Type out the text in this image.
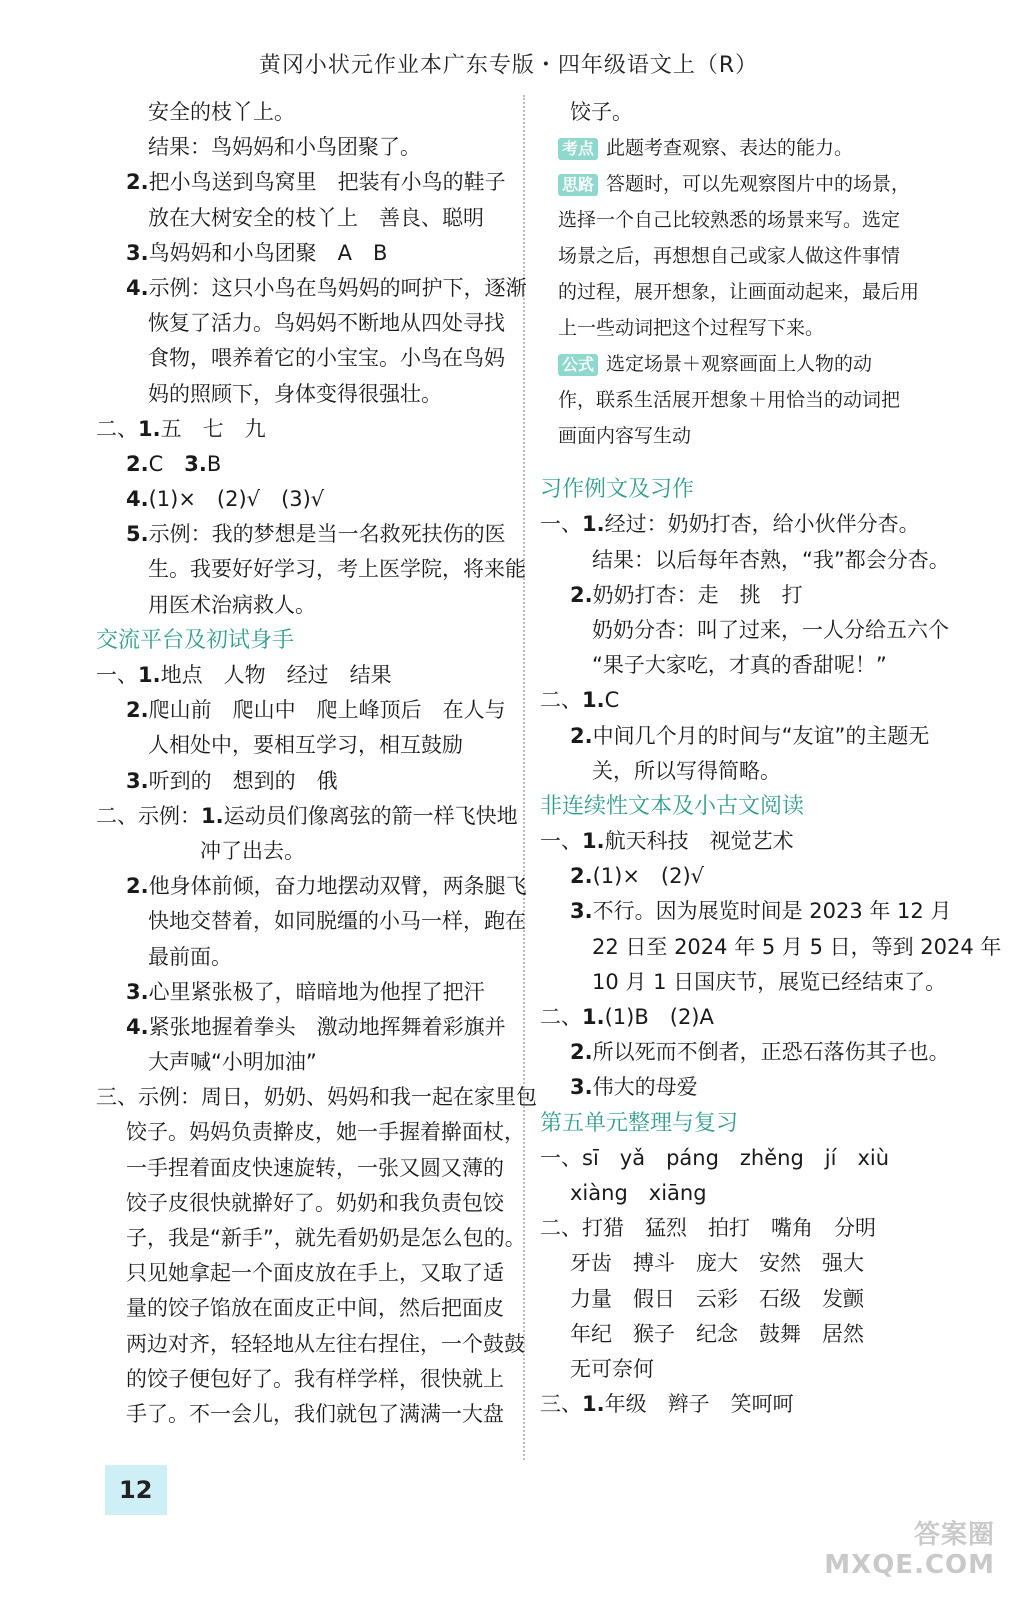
黄冈小状元作业本广东专版・四年级语文上（R）
安全的枝丫上。
结果：鸟妈妈和小鸟团聚了。
2.把小鸟送到鸟窝里　把装有小鸟的鞋子
放在大树安全的枝丫上　善良、聪明
3.鸟妈妈和小鸟团聚　A　B
4.示例：这只小鸟在鸟妈妈的呵护下，逐渐
恢复了活力。鸟妈妈不断地从四处寻找
食物，喂养着它的小宝宝。小鸟在鸟妈
妈的照顾下，身体变得很强壮。
二、1.五　七　九
2.C　3.B
4.(1)×　(2)√　(3)√
5.示例：我的梦想是当一名救死扶伤的医
生。我要好好学习，考上医学院，将来能
用医术治病救人。
交流平台及初试身手
一、1.地点　人物　经过　结果
2.爬山前　爬山中　爬上峰顶后　在人与
人相处中，要相互学习，相互鼓励
3.听到的　想到的　俄
二、示例：1.运动员们像离弦的箭一样飞快地
冲了出去。
2.他身体前倾，奋力地摆动双臂，两条腿飞
快地交替着，如同脱缰的小马一样，跑在
最前面。
3.心里紧张极了，暗暗地为他捏了把汗
4.紧张地握着拳头　激动地挥舞着彩旗并
大声喊“小明加油”
三、示例：周日，奶奶、妈妈和我一起在家里包
饺子。妈妈负责擀皮，她一手握着擀面杖，
一手捏着面皮快速旋转，一张又圆又薄的
饺子皮很快就擀好了。奶奶和我负责包饺
子，我是“新手”，就先看奶奶是怎么包的。
只见她拿起一个面皮放在手上，又取了适
量的饺子馅放在面皮正中间，然后把面皮
两边对齐，轻轻地从左往右捏住，一个鼓鼓
的饺子便包好了。我有样学样，很快就上
手了。不一会儿，我们就包了满满一大盘
饺子。
考点 此题考查观察、表达的能力。
思路 答题时，可以先观察图片中的场景，
选择一个自己比较熟悉的场景来写。选定
场景之后，再想想自己或家人做这件事情
的过程，展开想象，让画面动起来，最后用
上一些动词把这个过程写下来。
公式 选定场景＋观察画面上人物的动
作，联系生活展开想象＋用恰当的动词把
画面内容写生动
习作例文及习作
一、1.经过：奶奶打杏，给小伙伴分杏。
结果：以后每年杏熟，“我”都会分杏。
2.奶奶打杏：走　挑　打
奶奶分杏：叫了过来，一人分给五六个
“果子大家吃，才真的香甜呢！”
二、1.C
2.中间几个月的时间与“友谊”的主题无
关，所以写得简略。
非连续性文本及小古文阅读
一、1.航天科技　视觉艺术
2.(1)×　(2)√
3.不行。因为展览时间是 2023 年 12 月
22 日至 2024 年 5 月 5 日，等到 2024 年
10 月 1 日国庆节，展览已经结束了。
二、1.(1)B　(2)A
2.所以死而不倒者，正恐石落伤其子也。
3.伟大的母爱
第五单元整理与复习
一、sī　yǎ　páng　zhěng　jí　xiù
xiàng　xiāng
二、打猎　猛烈　拍打　嘴角　分明
牙齿　搏斗　庞大　安然　强大
力量　假日　云彩　石级　发颤
年纪　猴子　纪念　鼓舞　居然
无可奈何
三、1.年级　辫子　笑呵呵
12
答案圈
MXQE.COM
